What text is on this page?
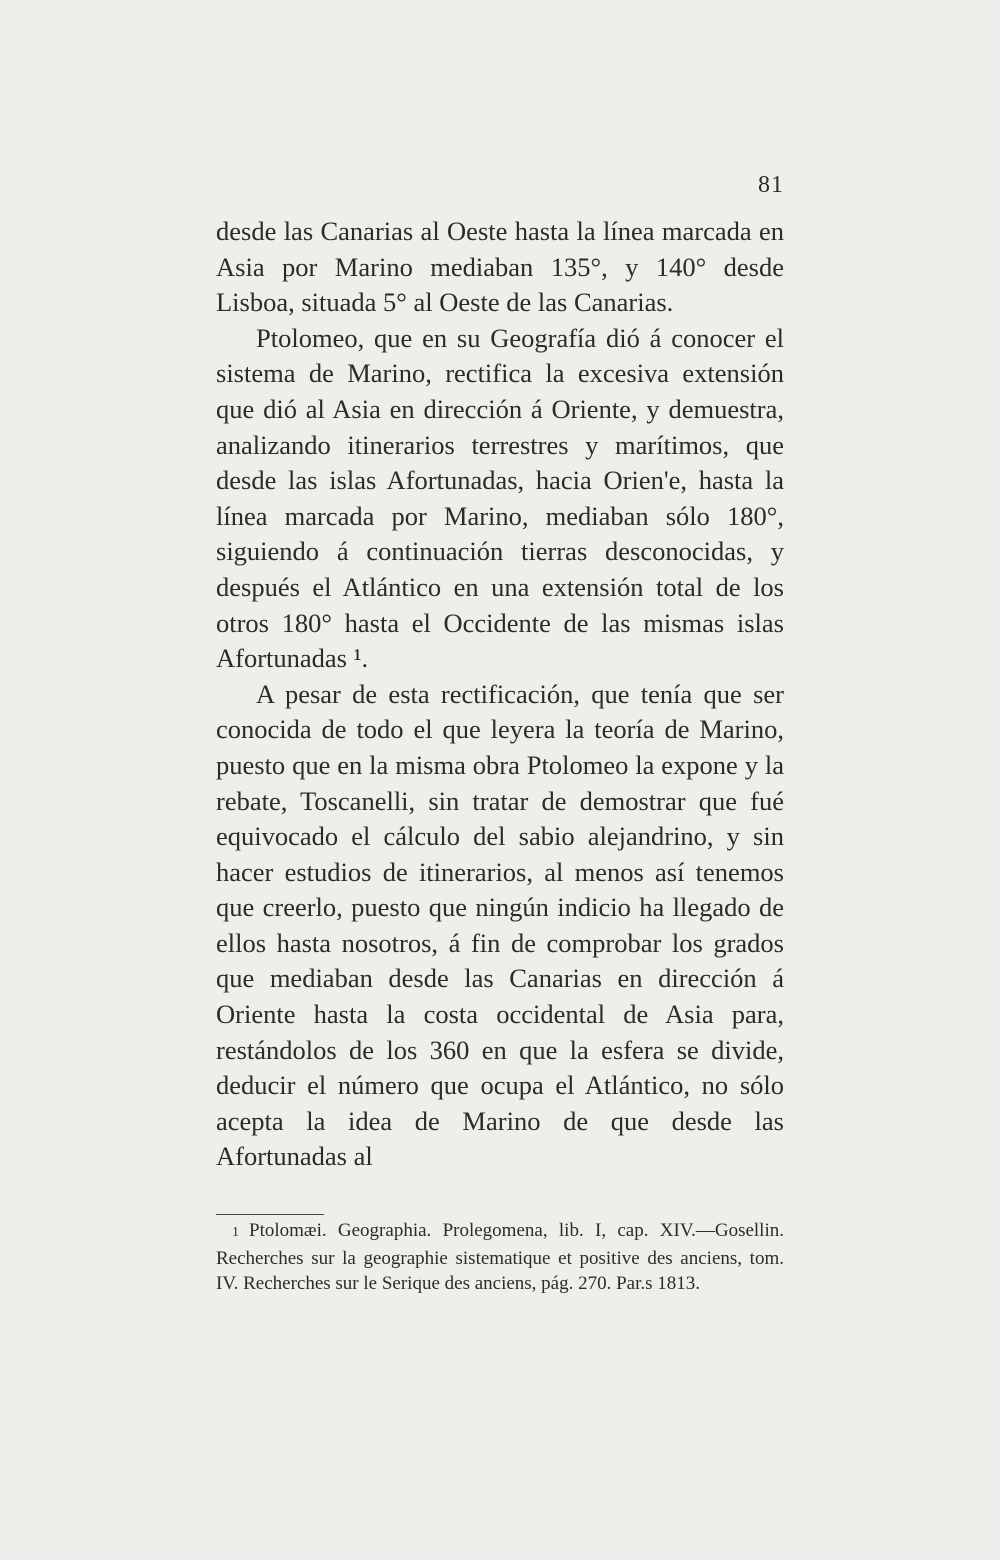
81

desde las Canarias al Oeste hasta la línea marcada en Asia por Marino mediaban 135°, y 140° desde Lisboa, situada 5° al Oeste de las Canarias.

Ptolomeo, que en su Geografía dió á conocer el sistema de Marino, rectifica la excesiva extensión que dió al Asia en dirección á Oriente, y demuestra, analizando itinerarios terrestres y marítimos, que desde las islas Afortunadas, hacia Orien'e, hasta la línea marcada por Marino, mediaban sólo 180°, siguiendo á continuación tierras desconocidas, y después el Atlántico en una extensión total de los otros 180° hasta el Occidente de las mismas islas Afortunadas ¹.

A pesar de esta rectificación, que tenía que ser conocida de todo el que leyera la teoría de Marino, puesto que en la misma obra Ptolomeo la expone y la rebate, Toscanelli, sin tratar de demostrar que fué equivocado el cálculo del sabio alejandrino, y sin hacer estudios de itinerarios, al menos así tenemos que creerlo, puesto que ningún indicio ha llegado de ellos hasta nosotros, á fin de comprobar los grados que mediaban desde las Canarias en dirección á Oriente hasta la costa occidental de Asia para, restándolos de los 360 en que la esfera se divide, deducir el número que ocupa el Atlántico, no sólo acepta la idea de Marino de que desde las Afortunadas al

1 Ptolomæi. Geographia. Prolegomena, lib. I, cap. XIV.—Gosellin. Recherches sur la geographie sistematique et positive des anciens, tom. IV. Recherches sur le Serique des anciens, pág. 270. Par.s 1813.
